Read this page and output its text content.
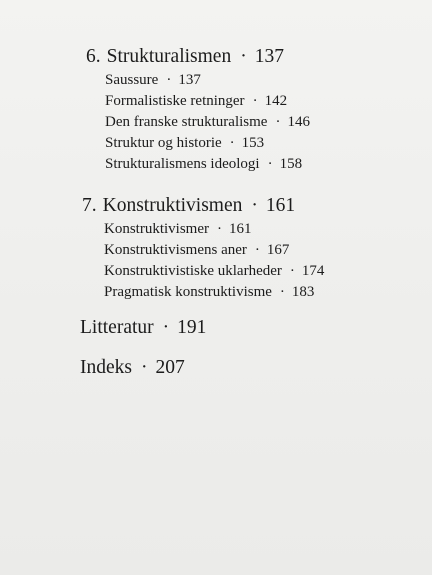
6. Strukturalismen · 137
Saussure · 137
Formalistiske retninger · 142
Den franske strukturalisme · 146
Struktur og historie · 153
Strukturalismens ideologi · 158
7. Konstruktivismen · 161
Konstruktivismer · 161
Konstruktivismens aner · 167
Konstruktivistiske uklarheder · 174
Pragmatisk konstruktivisme · 183
Litteratur · 191
Indeks · 207
